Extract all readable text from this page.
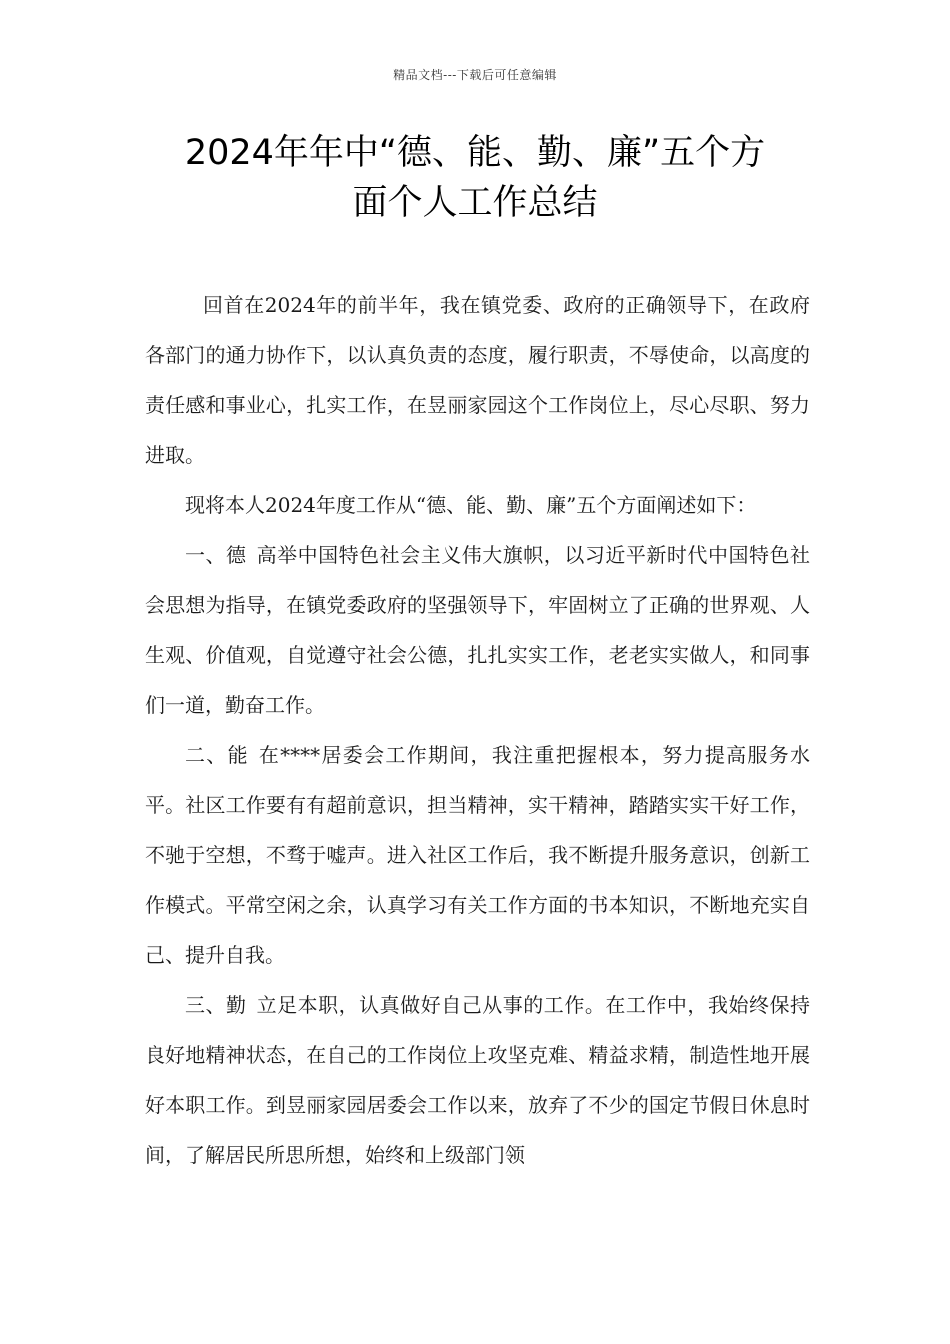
精品文档---下载后可任意编辑
2024年年中“德、能、勤、廉”五个方
面个人工作总结

回首在2024年的前半年，我在镇党委、政府的正确领导下，在政府各部门的通力协作下，以认真负责的态度，履行职责，不辱使命，以高度的责任感和事业心，扎实工作，在昱丽家园这个工作岗位上，尽心尽职、努力进取。

现将本人2024年度工作从“德、能、勤、廉”五个方面阐述如下：

一、德 高举中国特色社会主义伟大旗帜，以习近平新时代中国特色社会思想为指导，在镇党委政府的坚强领导下，牢固树立了正确的世界观、人生观、价值观，自觉遵守社会公德，扎扎实实工作，老老实实做人，和同事们一道，勤奋工作。

二、能 在****居委会工作期间，我注重把握根本，努力提高服务水平。社区工作要有有超前意识，担当精神，实干精神，踏踏实实干好工作，不驰于空想，不骛于嘘声。进入社区工作后，我不断提升服务意识，创新工作模式。平常空闲之余，认真学习有关工作方面的书本知识，不断地充实自己、提升自我。

三、勤 立足本职，认真做好自己从事的工作。在工作中，我始终保持良好地精神状态，在自己的工作岗位上攻坚克难、精益求精，制造性地开展好本职工作。到昱丽家园居委会工作以来，放弃了不少的国定节假日休息时间，了解居民所思所想，始终和上级部门领
